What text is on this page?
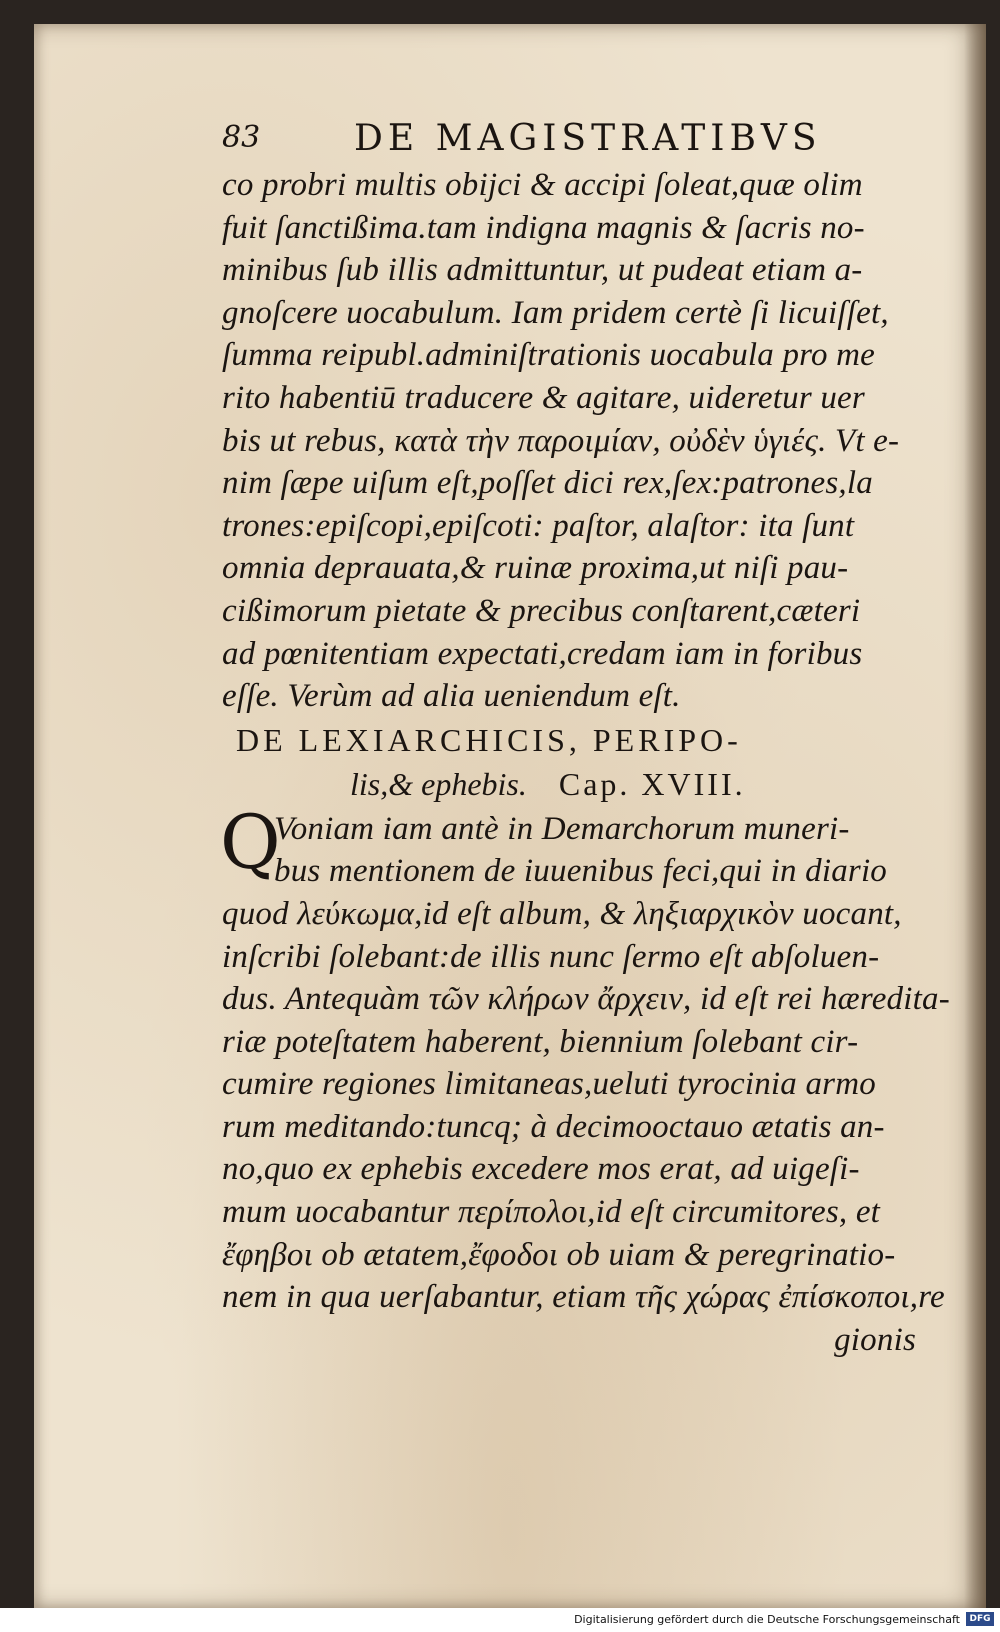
83	DE MAGISTRATIBVS
co probri multis obijci & accipi ſoleat,quæ olim
fuit ſanctißima.tam indigna magnis & ſacris no-
minibus ſub illis admittuntur, ut pudeat etiam a-
gnoſcere uocabulum. Iam pridem certè ſi licuiſſet,
ſumma reipubl.adminiſtrationis uocabula pro me
rito habentiū traducere & agitare, uideretur uer
bis ut rebus, κατὰ τὴν παροιμίαν, οὐδὲν ὑγιές. Vt e-
nim ſæpe uiſum eſt,poſſet dici rex,ſex:patrones,la
trones:epiſcopi,epiſcoti: paſtor, alaſtor: ita ſunt
omnia deprauata,& ruinæ proxima,ut niſi pau-
cißimorum pietate & precibus conſtarent,cæteri
ad pœnitentiam expectati,credam iam in foribus
eſſe. Verùm ad alia ueniendum eſt.
DE LEXIARCHICIS, PERIPO-
lis,& ephebis. Cap. XVIII.
Q
Voniam iam antè in Demarchorum muneri-
bus mentionem de iuuenibus feci,qui in diario
quod λεύκωμα,id eſt album, & ληξιαρχικὸν uocant,
inſcribi ſolebant:de illis nunc ſermo eſt abſoluen-
dus. Antequàm τῶν κλήρων ἄρχειν, id eſt rei hæredita-
riæ poteſtatem haberent, biennium ſolebant cir-
cumire regiones limitaneas,ueluti tyrocinia armo
rum meditando:tuncq; à decimooctauo ætatis an-
no,quo ex ephebis excedere mos erat, ad uigeſi-
mum uocabantur περίπολοι,id eſt circumitores, et
ἔφηβοι ob ætatem,ἔφοδοι ob uiam & peregrinatio-
nem in qua uerſabantur, etiam τῆς χώρας ἐπίσκοποι,re
gionis
Digitalisierung gefördert durch die Deutsche Forschungsgemeinschaft	DFG
